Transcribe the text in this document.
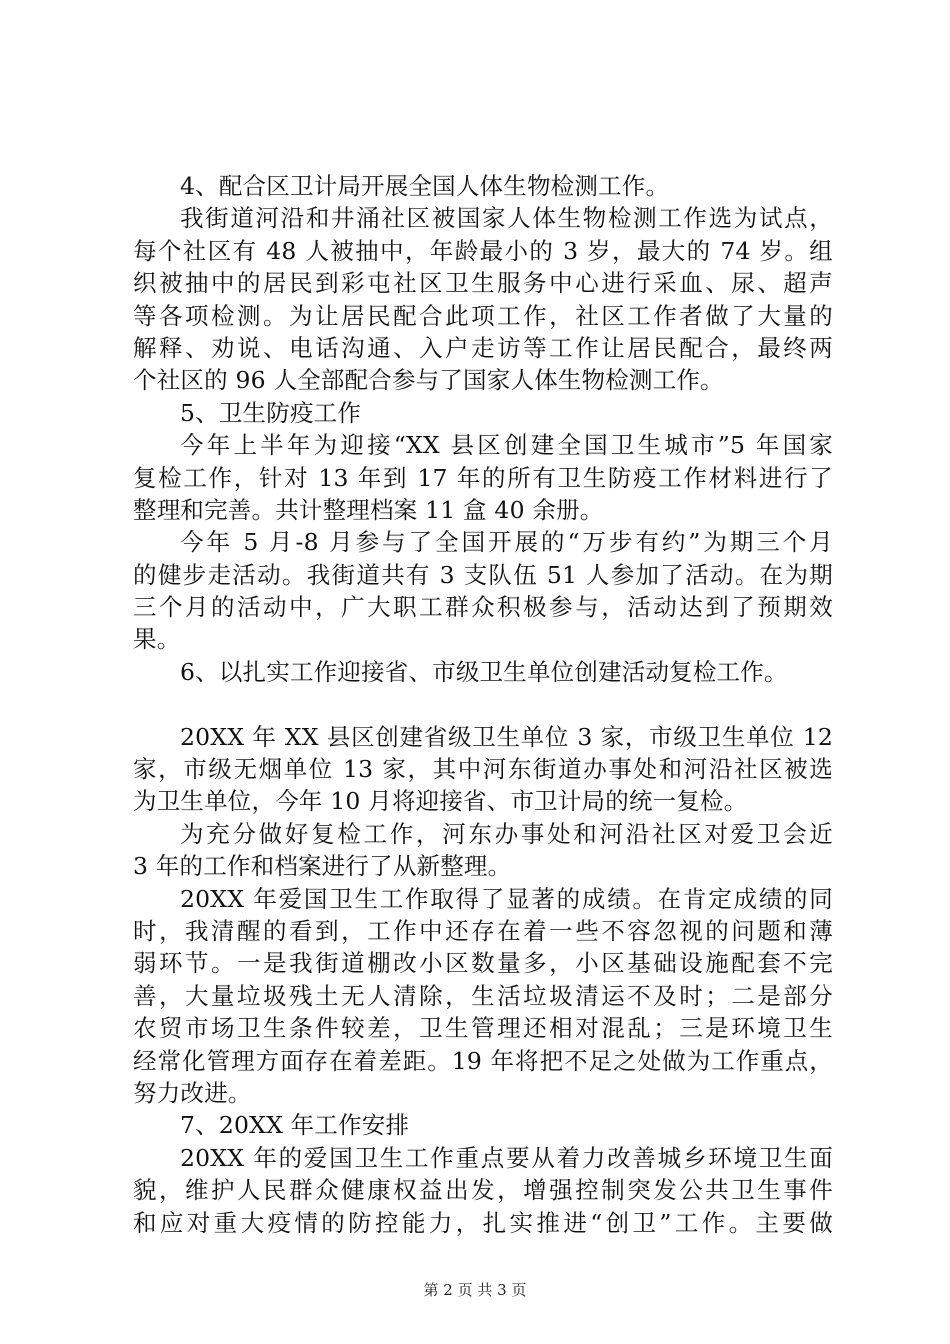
4、配合区卫计局开展全国人体生物检测工作。
我街道河沿和井涌社区被国家人体生物检测工作选为试点，
每个社区有 48 人被抽中，年龄最小的 3 岁，最大的 74 岁。组
织被抽中的居民到彩屯社区卫生服务中心进行采血、尿、超声
等各项检测。为让居民配合此项工作，社区工作者做了大量的
解释、劝说、电话沟通、入户走访等工作让居民配合，最终两
个社区的 96 人全部配合参与了国家人体生物检测工作。
5、卫生防疫工作
今年上半年为迎接“XX 县区创建全国卫生城市”5 年国家
复检工作，针对 13 年到 17 年的所有卫生防疫工作材料进行了
整理和完善。共计整理档案 11 盒 40 余册。
今年 5 月-8 月参与了全国开展的“万步有约”为期三个月
的健步走活动。我街道共有 3 支队伍 51 人参加了活动。在为期
三个月的活动中，广大职工群众积极参与，活动达到了预期效
果。
6、以扎实工作迎接省、市级卫生单位创建活动复检工作。
20XX 年 XX 县区创建省级卫生单位 3 家，市级卫生单位 12
家，市级无烟单位 13 家，其中河东街道办事处和河沿社区被选
为卫生单位，今年 10 月将迎接省、市卫计局的统一复检。
为充分做好复检工作，河东办事处和河沿社区对爱卫会近
3 年的工作和档案进行了从新整理。
20XX 年爱国卫生工作取得了显著的成绩。在肯定成绩的同
时，我清醒的看到，工作中还存在着一些不容忽视的问题和薄
弱环节。一是我街道棚改小区数量多，小区基础设施配套不完
善，大量垃圾残土无人清除，生活垃圾清运不及时；二是部分
农贸市场卫生条件较差，卫生管理还相对混乱；三是环境卫生
经常化管理方面存在着差距。19 年将把不足之处做为工作重点，
努力改进。
7、20XX 年工作安排
20XX 年的爱国卫生工作重点要从着力改善城乡环境卫生面
貌，维护人民群众健康权益出发，增强控制突发公共卫生事件
和应对重大疫情的防控能力，扎实推进“创卫”工作。主要做
第 2 页 共 3 页
